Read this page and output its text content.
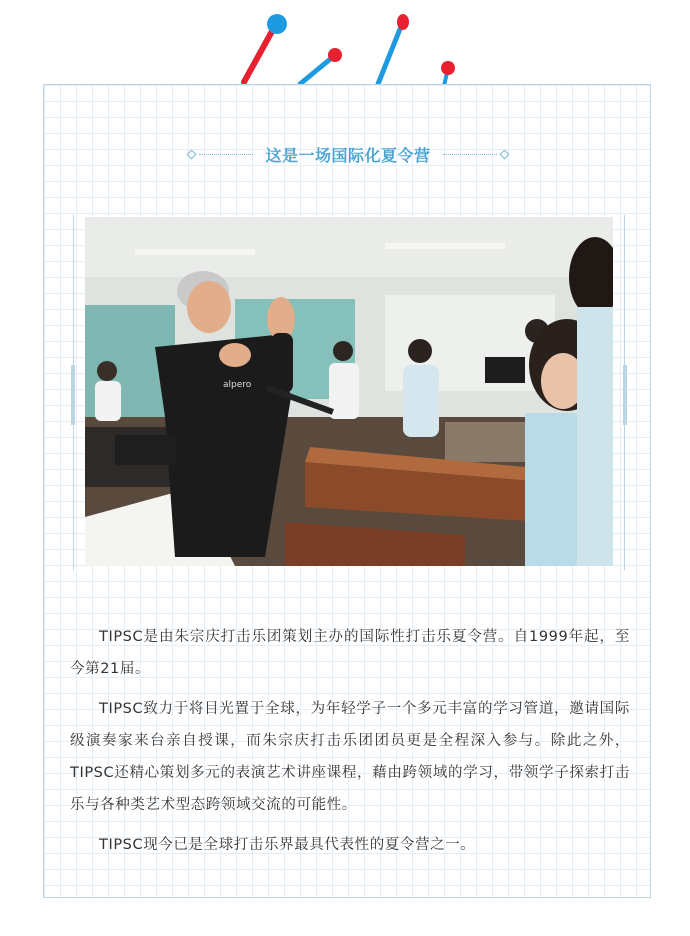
这是一场国际化夏令营
alpero

TIPSC是由朱宗庆打击乐团策划主办的国际性打击乐夏令营。自1999年起，至今第21届。

TIPSC致力于将目光置于全球，为年轻学子一个多元丰富的学习管道，邀请国际级演奏家来台亲自授课，而朱宗庆打击乐团团员更是全程深入参与。除此之外，TIPSC还精心策划多元的表演艺术讲座课程，藉由跨领域的学习，带领学子探索打击乐与各种类艺术型态跨领域交流的可能性。

TIPSC现今已是全球打击乐界最具代表性的夏令营之一。
